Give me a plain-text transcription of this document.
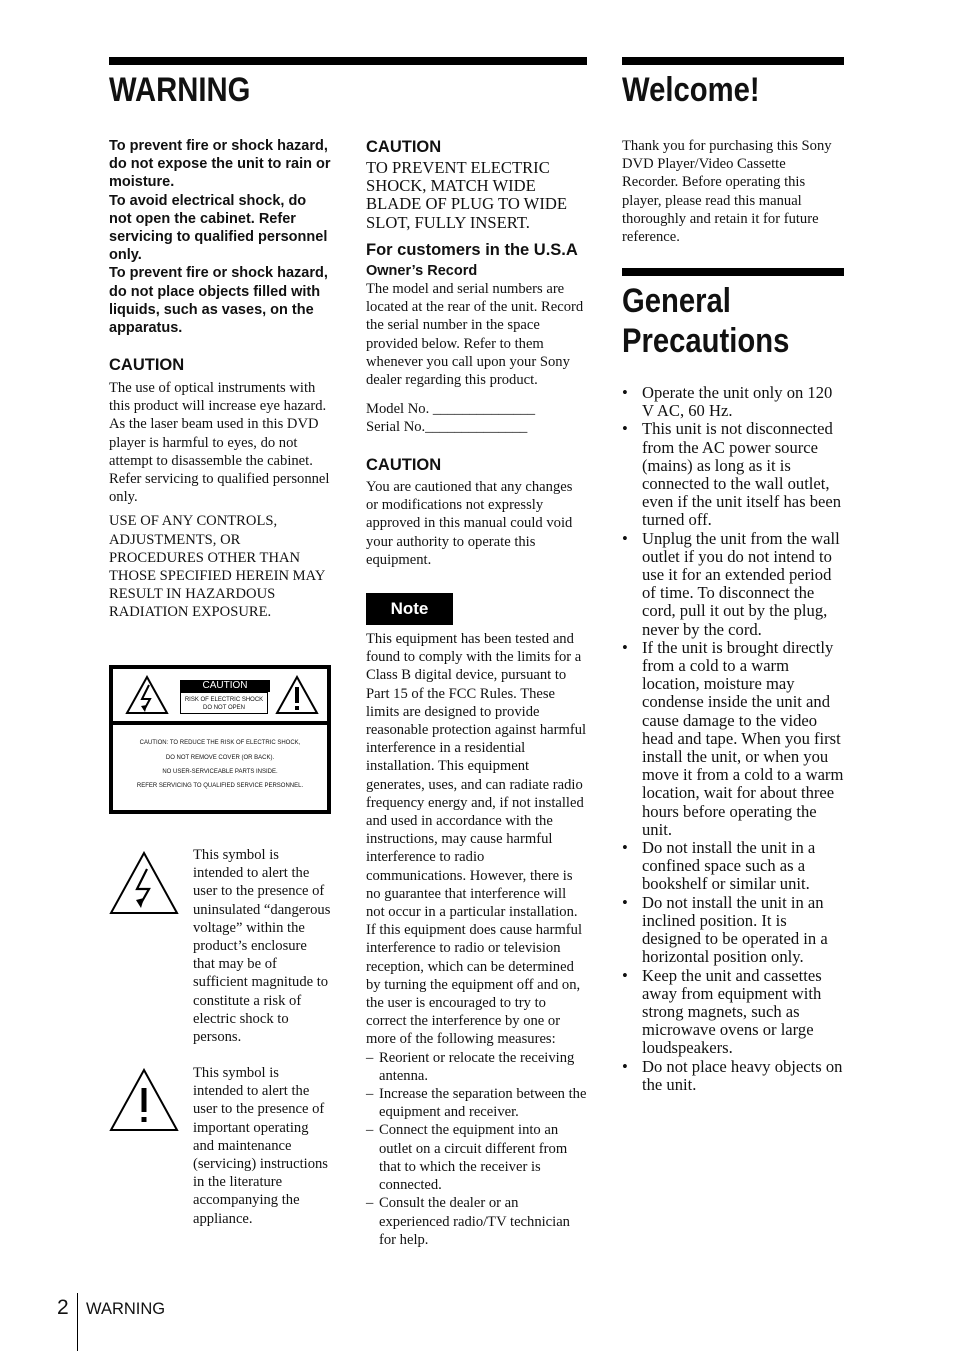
WARNING

To prevent fire or shock hazard, do not expose the unit to rain or moisture.

To avoid electrical shock, do not open the cabinet. Refer servicing to qualified personnel only.

To prevent fire or shock hazard, do not place objects filled with liquids, such as vases, on the apparatus.

CAUTION

The use of optical instruments with this product will increase eye hazard. As the laser beam used in this DVD player is harmful to eyes, do not attempt to disassemble the cabinet.

Refer servicing to qualified personnel only.

USE OF ANY CONTROLS, ADJUSTMENTS, OR PROCEDURES OTHER THAN THOSE SPECIFIED HEREIN MAY RESULT IN HAZARDOUS RADIATION EXPOSURE.

CAUTION
RISK OF ELECTRIC SHOCK
DO NOT OPEN
CAUTION: TO REDUCE THE RISK OF ELECTRIC SHOCK,
DO NOT REMOVE COVER (OR BACK).
NO USER-SERVICEABLE PARTS INSIDE.
REFER SERVICING TO QUALIFIED SERVICE PERSONNEL.

This symbol is intended to alert the user to the presence of uninsulated “dangerous voltage” within the product’s enclosure that may be of sufficient magnitude to constitute a risk of electric shock to persons.

This symbol is intended to alert the user to the presence of important operating and maintenance (servicing) instructions in the literature accompanying the appliance.

CAUTION

TO PREVENT ELECTRIC SHOCK, MATCH WIDE BLADE OF PLUG TO WIDE SLOT, FULLY INSERT.

For customers in the U.S.A
Owner’s Record

The model and serial numbers are located at the rear of the unit. Record the serial number in the space provided below. Refer to them whenever you call upon your Sony dealer regarding this product.

Model No. ______________

Serial No.______________

CAUTION

You are cautioned that any changes or modifications not expressly approved in this manual could void your authority to operate this equipment.

Note

This equipment has been tested and found to comply with the limits for a Class B digital device, pursuant to Part 15 of the FCC Rules. These limits are designed to provide reasonable protection against harmful interference in a residential installation. This equipment generates, uses, and can radiate radio frequency energy and, if not installed and used in accordance with the instructions, may cause harmful interference to radio communications. However, there is no guarantee that interference will not occur in a particular installation. If this equipment does cause harmful interference to radio or television reception, which can be determined by turning the equipment off and on, the user is encouraged to try to correct the interference by one or more of the following measures:

– Reorient or relocate the receiving antenna.
– Increase the separation between the equipment and receiver.
– Connect the equipment into an outlet on a circuit different from that to which the receiver is connected.
– Consult the dealer or an experienced radio/TV technician for help.
Welcome!

Thank you for purchasing this Sony DVD Player/Video Cassette Recorder. Before operating this player, please read this manual thoroughly and retain it for future reference.

General
Precautions
• Operate the unit only on 120 V AC, 60 Hz.
• This unit is not disconnected from the AC power source (mains) as long as it is connected to the wall outlet, even if the unit itself has been turned off.
• Unplug the unit from the wall outlet if you do not intend to use it for an extended period of time. To disconnect the cord, pull it out by the plug, never by the cord.
• If the unit is brought directly from a cold to a warm location, moisture may condense inside the unit and cause damage to the video head and tape. When you first install the unit, or when you move it from a cold to a warm location, wait for about three hours before operating the unit.
• Do not install the unit in a confined space such as a bookshelf or similar unit.
• Do not install the unit in an inclined position. It is designed to be operated in a horizontal position only.
• Keep the unit and cassettes away from equipment with strong magnets, such as microwave ovens or large loudspeakers.
• Do not place heavy objects on the unit.
2 WARNING
